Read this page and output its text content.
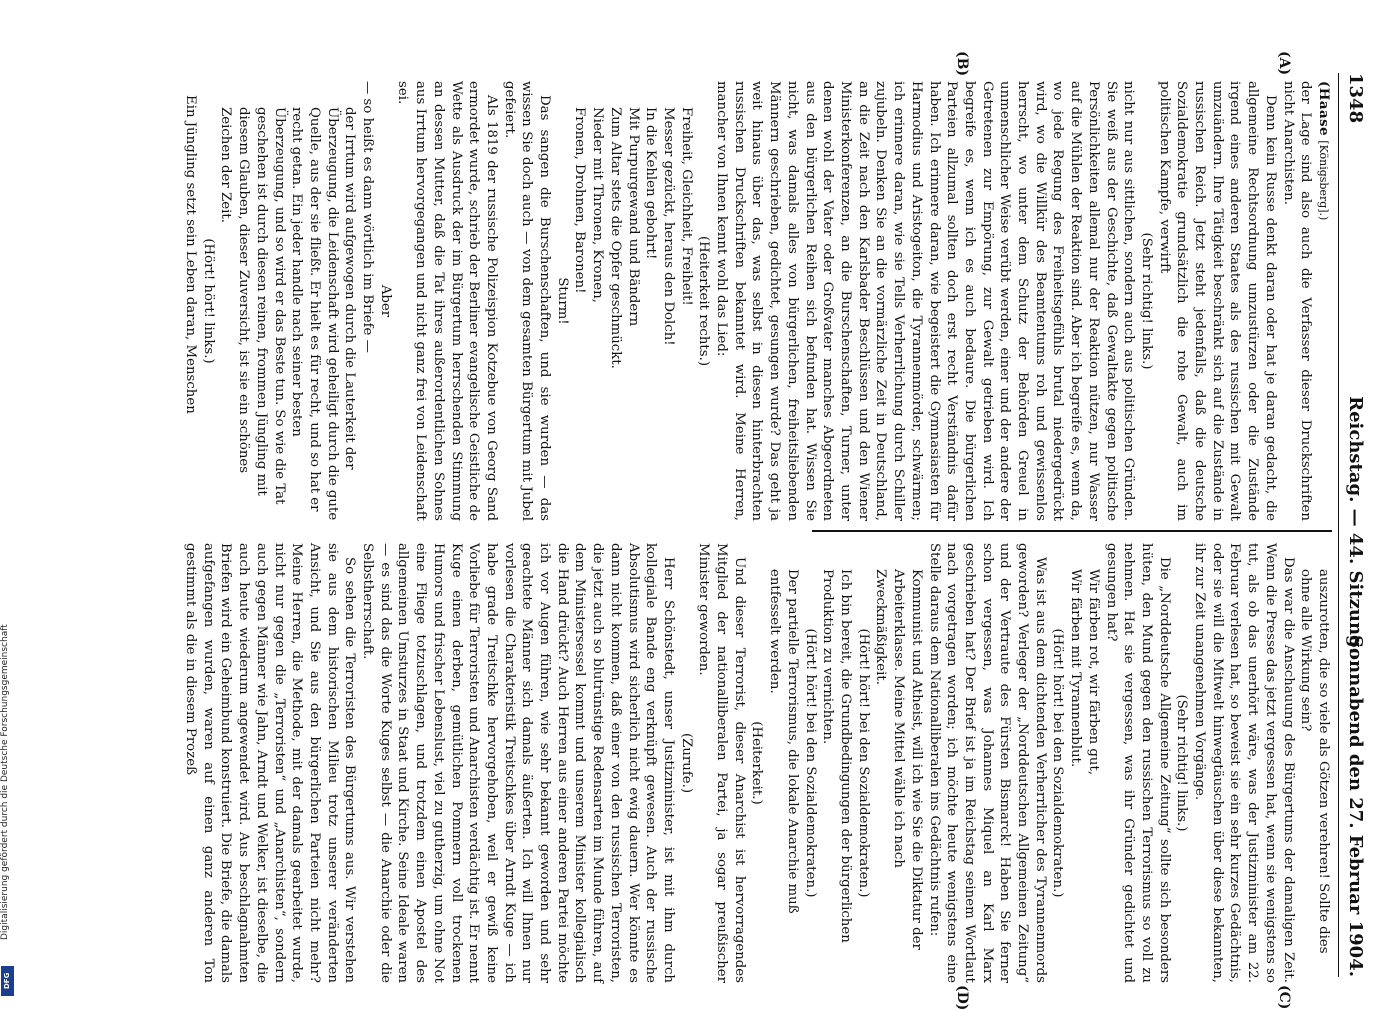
1348
Reichstag. — 44. Sitzung.
Sonnabend den 27. Februar 1904.
(A)
(B)
(C)
(D)

(Haase [Königsberg].)

der Lage sind also auch die Verfasser dieser Druckschriften nicht Anarchisten.

Denn kein Russe denkt daran oder hat je daran gedacht, die allgemeine Rechtsordnung umzustürzen oder die Zustände irgend eines anderen Staates als des russischen mit Gewalt umzuändern. Ihre Tätigkeit beschränkt sich auf die Zustände in russischen Reich. Jetzt steht jedenfalls, daß die deutsche Sozialdemokratie grundsätzlich die rohe Gewalt, auch im politischen Kampfe, verwirft

(Sehr richtig! links.)

nicht nur aus sittlichen, sondern auch aus politischen Gründen. Sie weiß aus der Geschichte, daß Gewaltakte gegen politische Persönlichkeiten allemal nur der Reaktion nützen, nur Wasser auf die Mühlen der Reaktion sind. Aber ich begreife es, wenn da, wo jede Regung des Freiheitsgefühls brutal niedergedrückt wird, wo die Willkür des Beamtentums roh und gewissenlos herrscht, wo unter dem Schutz der Behörden Greuel in unmenschlicher Weise verübt werden, einer und der andere der Getretenen zur Empörung, zur Gewalt getrieben wird. Ich begreife es, wenn ich es auch bedaure. Die bürgerlichen Parteien allzumal sollten doch erst recht Verständnis dafür haben. Ich erinnere daran, wie begeistert die Gymnasiasten für Harmodius und Aristogeiton, die Tyrannenmörder, schwärmen; ich erinnere daran, wie sie Tells Verherrlichung durch Schiller zujubeln. Denken Sie an die vormärzliche Zeit in Deutschland, an die Zeit nach den Karlsbader Beschlüssen und den Wiener Ministerkonferenzen, an die Burschenschaften, Turner, unter denen wohl der Vater oder Großvater manches Abgeordneten aus den bürgerlichen Reihen sich befunden hat. Wissen Sie nicht, was damals alles von bürgerlichen, freiheitsliebenden Männern geschrieben, gedichtet, gesungen wurde? Das geht ja weit hinaus über das, was selbst in diesen hinterbrachten russischen Druckschriften bekanntet wird. Meine Herren, mancher von Ihnen kennt wohl das Lied:

(Heiterkeit rechts.)

Freiheit, Gleichheit, Freiheit!

Messer gezückt, heraus den Dolch!

In die Kehlen gebohrt!

Mit Purpurgewand und Bändern

Zum Altar stets die Opfer geschmückt.

Nieder mit Thronen, Kronen,

Fronen, Drohnen, Baronen!

Sturm!

Das sangen die Burschenschaften, und sie wurden — das wissen Sie doch auch — von dem gesamten Bürgertum mit Jubel gefeiert.

Als 1819 der russische Polizeispion Kotzebue von Georg Sand ermordet wurde, schrieb der Berliner evangelische Geistliche de Wette als Ausdruck der im Bürgertum herrschenden Stimmung an dessen Mutter, daß die Tat ihres außerordentlichen Sohnes aus Irrtum hervorgegangen und nicht ganz frei von Leidenschaft sei.

Aber

— so heißt es dann wörtlich im Briefe —

der Irrtum wird aufgewogen durch die Lauterkeit der Überzeugung, die Leidenschaft wird geheiligt durch die gute Quelle, aus der sie fließt. Er hielt es für recht, und so hat er recht getan. Ein jeder handle nach seiner besten Überzeugung, und so wird er das Beste tun. So wie die Tat geschehen ist durch diesen reinen, frommen Jüngling mit diesem Glauben, dieser Zuversicht, ist sie ein schönes Zeichen der Zeit.

(Hört! hört! links.)

Ein Jüngling setzt sein Leben daran, Menschen

auszurotten, die so viele als Götzen verehren! Sollte dies ohne alle Wirkung sein?

Das war die Anschauung des Bürgertums der damaligen Zeit. Wenn die Presse das jetzt vergessen hat, wenn sie wenigstens so tut, als ob das unerhört wäre, was der Justizminister am 22. Februar verlesen hat, so beweist sie ein sehr kurzes Gedächtnis, oder sie will die Mitwelt hinwegtäuschen über diese bekannten, ihr zur Zeit unangenehmen Vorgänge.

(Sehr richtig! links.)

Die „Norddeutsche Allgemeine Zeitung“ sollte sich besonders hüten, den Mund gegen den russischen Terrorismus so voll zu nehmen. Hat sie vergessen, was ihr Gründer gedichtet und gesungen hat?

Wir färben rot, wir färben gut,

Wir färben mit Tyrannenblut.

(Hört! hört! bei den Sozialdemokraten.)

Was ist aus dem dichtenden Verherrlicher des Tyrannenmords geworden? Verleger der „Norddeutschen Allgemeinen Zeitung“ und der Vertraute des Fürsten Bismarck! Haben Sie ferner schon vergessen, was Johannes Miquel an Karl Marx geschrieben hat? Der Brief ist ja im Reichstag seinem Wortlaut nach vorgetragen worden; ich möchte heute wenigstens eine Stelle daraus dem Nationalliberalen ins Gedächtnis rufen:

Kommunist und Atheist, will ich wie Sie die Diktatur der Arbeiterklasse. Meine Mittel wähle ich nach Zweckmäßigkeit.

(Hört! hört! bei den Sozialdemokraten.)

Ich bin bereit, die Grundbedingungen der bürgerlichen Produktion zu vernichten.

(Hört! hört! bei den Sozialdemokraten.)

Der partielle Terrorismus, die lokale Anarchie muß entfesselt werden.

(Heiterkeit.)

Und dieser Terrorist, dieser Anarchist ist hervorragendes Mitglied der nationalliberalen Partei, ja sogar preußischer Minister geworden.

(Zurufe.)

Herr Schönstedt, unser Justizminister, ist mit ihm durch kollegiale Bande eng verknüpft gewesen. Auch der russische Absolutismus wird sicherlich nicht ewig dauern. Wer könnte es dann nicht kommen, daß einer von den russischen Terroristen, die jetzt auch so blutrünstige Redensarten im Munde führen, auf dem Ministersessel kommt und unserem Minister kollegialisch die Hand drückt? Auch Herren aus einer anderen Partei möchte ich vor Augen führen, wie sehr bekannt geworden und sehr geachtete Männer sich damals äußerten. Ich will Ihnen nur vorlesen die Charakteristik Treitschkes über Arndt Kuge — ich habe grade Treitschke hervorgehoben, weil er gewiß keine Vorliebe für Terroristen und Anarchisten verdächtig ist. Er nennt Kuge einen derben, gemütlichen Pommern voll trockenen Humors und frischer Lebenslust, viel zu gutherzig, um ohne Not eine Fliege totzuschlagen, und trotzdem einen Apostel des allgemeinen Umsturzes in Staat und Kirche. Seine Ideale waren — es sind das die Worte Kuges selbst — die Anarchie oder die Selbstherrschaft.

So sehen die Terroristen des Bürgertums aus. Wir verstehen sie aus dem historischen Milieu trotz unserer veränderten Ansicht, und Sie aus den bürgerlichen Parteien nicht mehr? Meine Herren, die Methode, mit der damals gearbeitet wurde, nicht nur gegen die „Terroristen“ und „Anarchisten“, sondern auch gegen Männer wie Jahn, Arndt und Welker, ist dieselbe, die auch heute wiederum angewendet wird. Aus beschlagnahmten Briefen wird ein Geheimbund konstruiert. Die Briefe, die damals aufgefangen wurden, waren auf einen ganz anderen Ton gestimmt als die in diesem Prozeß

Digitalisierung gefördert durch die Deutsche Forschungsgemeinschaft
DFG
